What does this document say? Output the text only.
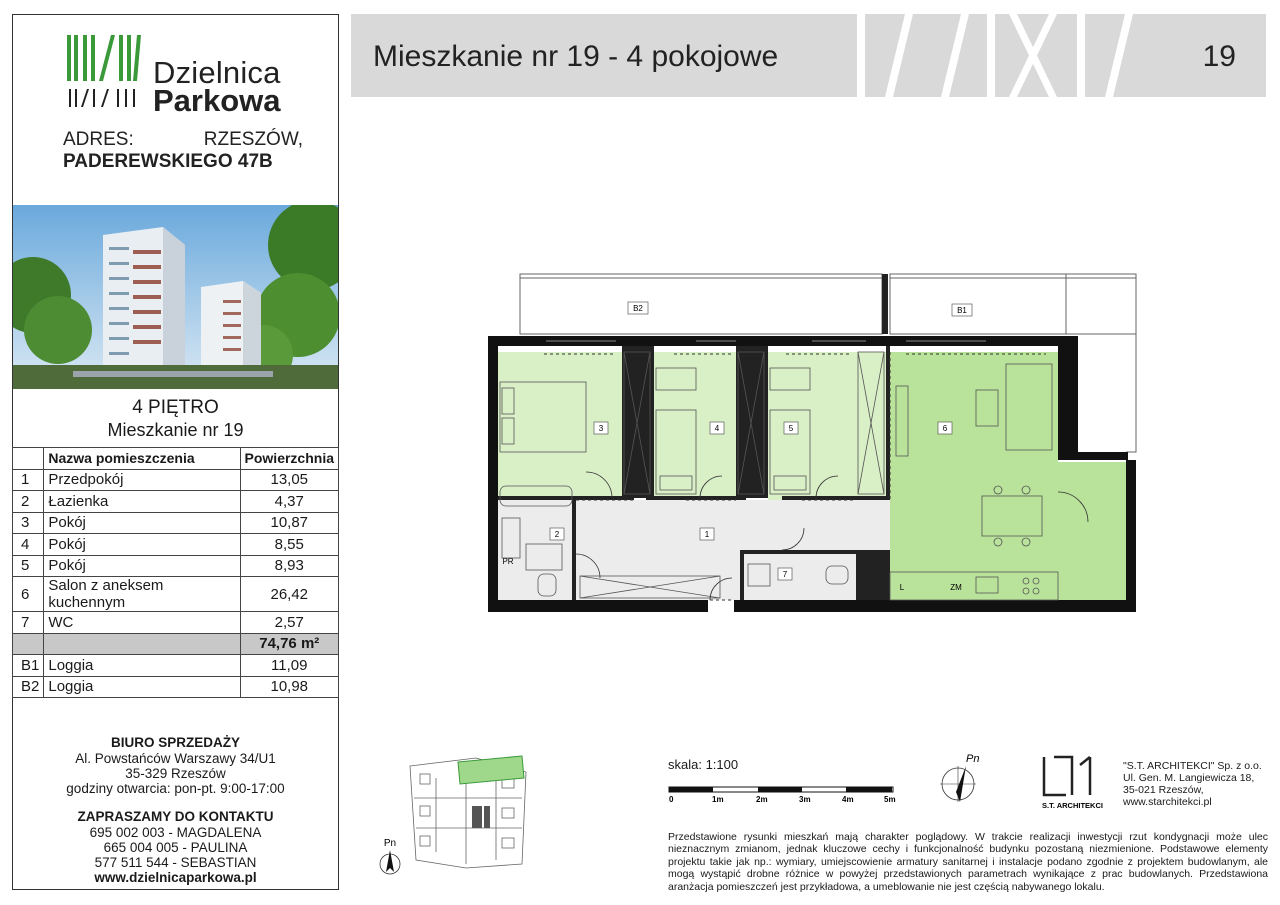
Dzielnica
Parkowa
ADRES:	RZESZÓW,
PADEREWSKIEGO 47B
4 PIĘTRO
Mieszkanie nr 19
	Nazwa pomieszczenia	Powierzchnia
1	Przedpokój	13,05
2	Łazienka	4,37
3	Pokój	10,87
4	Pokój	8,55
5	Pokój	8,93
6	Salon z aneksem kuchennym	26,42
7	WC	2,57
		74,76 m²
B1	Loggia	11,09
B2	Loggia	10,98
BIURO SPRZEDAŻY
Al. Powstańców Warszawy 34/U1
35-329 Rzeszów
godziny otwarcia: pon-pt. 9:00-17:00
ZAPRASZAMY DO KONTAKTU
695 002 003 - MAGDALENA
665 004 005 - PAULINA
577 511 544 - SEBASTIAN
www.dzielnicaparkowa.pl
Mieszkanie nr 19 - 4 pokojowe	19
3	4	5	6
1
2
7
B2	B1
PR
L	ZM
Pn
skala: 1:100
0	1m	2m	3m	4m	5m
Pn
S.T. ARCHITEKCI
"S.T. ARCHITEKCI" Sp. z o.o.
Ul. Gen. M. Langiewicza 18,
35-021 Rzeszów,
www.starchitekci.pl
Przedstawione rysunki mieszkań mają charakter poglądowy. W trakcie realizacji inwestycji rzut kondygnacji może ulec nieznacznym zmianom, jednak kluczowe cechy i funkcjonalność budynku pozostaną niezmienione. Podstawowe elementy projektu takie jak np.: wymiary, umiejscowienie armatury sanitarnej i instalacje podano zgodnie z projektem budowlanym, ale mogą wystąpić drobne różnice w powyżej przedstawionych parametrach wynikające z prac budowlanych. Przedstawiona aranżacja pomieszczeń jest przykładowa, a umeblowanie nie jest częścią nabywanego lokalu.
